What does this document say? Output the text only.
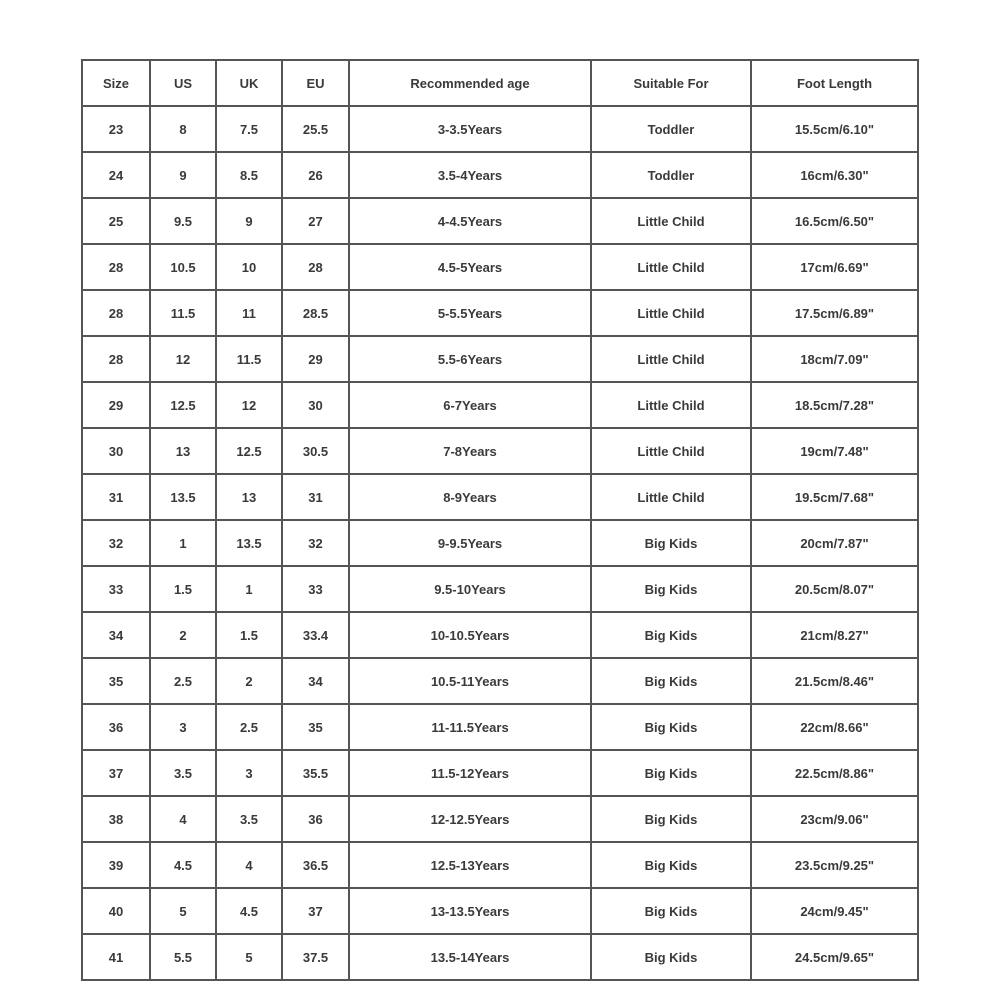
Size	US	UK	EU	Recommended age	Suitable For	Foot Length
23	8	7.5	25.5	3-3.5Years	Toddler	15.5cm/6.10"
24	9	8.5	26	3.5-4Years	Toddler	16cm/6.30"
25	9.5	9	27	4-4.5Years	Little Child	16.5cm/6.50"
28	10.5	10	28	4.5-5Years	Little Child	17cm/6.69"
28	11.5	11	28.5	5-5.5Years	Little Child	17.5cm/6.89"
28	12	11.5	29	5.5-6Years	Little Child	18cm/7.09"
29	12.5	12	30	6-7Years	Little Child	18.5cm/7.28"
30	13	12.5	30.5	7-8Years	Little Child	19cm/7.48"
31	13.5	13	31	8-9Years	Little Child	19.5cm/7.68"
32	1	13.5	32	9-9.5Years	Big Kids	20cm/7.87"
33	1.5	1	33	9.5-10Years	Big Kids	20.5cm/8.07"
34	2	1.5	33.4	10-10.5Years	Big Kids	21cm/8.27"
35	2.5	2	34	10.5-11Years	Big Kids	21.5cm/8.46"
36	3	2.5	35	11-11.5Years	Big Kids	22cm/8.66"
37	3.5	3	35.5	11.5-12Years	Big Kids	22.5cm/8.86"
38	4	3.5	36	12-12.5Years	Big Kids	23cm/9.06"
39	4.5	4	36.5	12.5-13Years	Big Kids	23.5cm/9.25"
40	5	4.5	37	13-13.5Years	Big Kids	24cm/9.45"
41	5.5	5	37.5	13.5-14Years	Big Kids	24.5cm/9.65"
